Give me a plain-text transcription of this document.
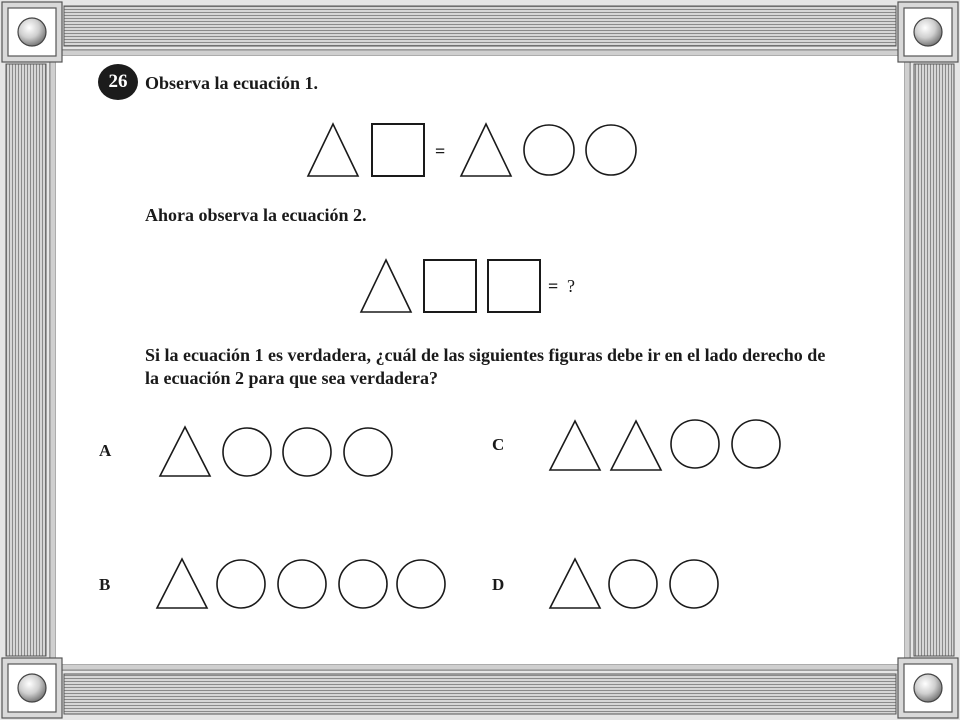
26 Observa la ecuación 1.
=
Ahora observa la ecuación 2.
= ?
Si la ecuación 1 es verdadera, ¿cuál de las siguientes figuras debe ir en el lado derecho de
la ecuación 2 para que sea verdadera?
A	C
B	D
